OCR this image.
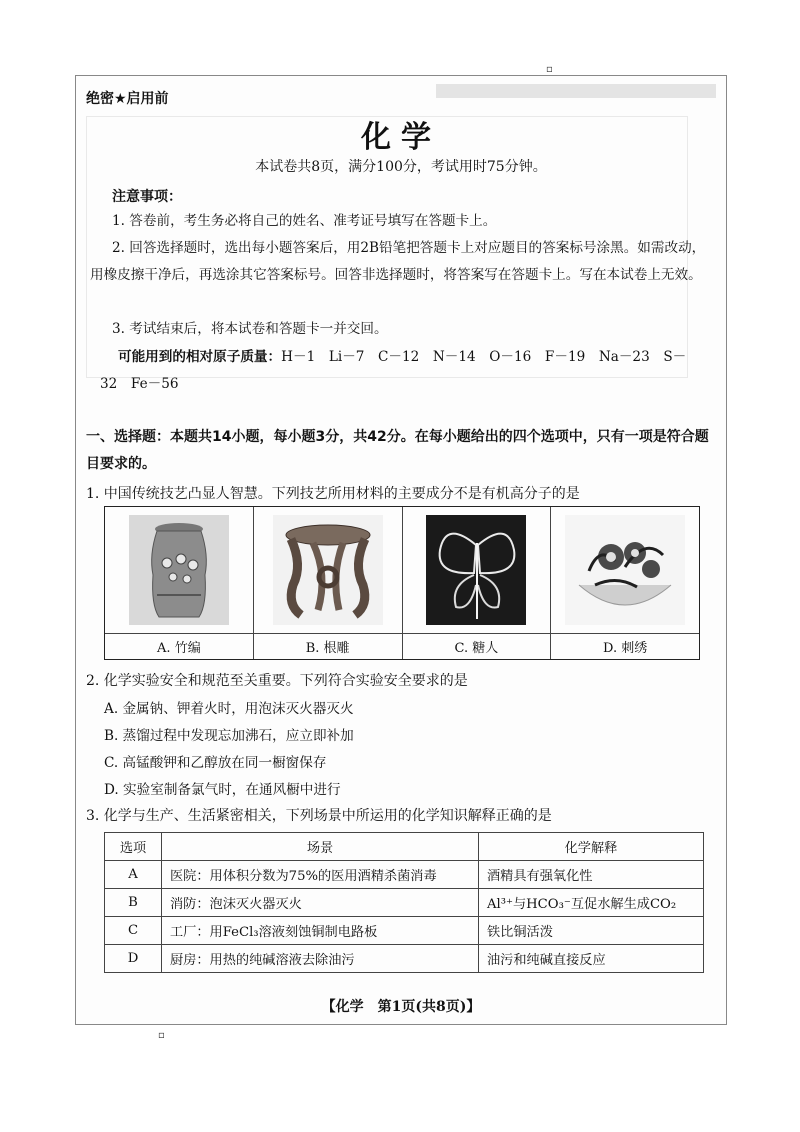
▫
▫
绝密★启用前
化学
本试卷共8页，满分100分，考试用时75分钟。
注意事项：
1. 答卷前，考生务必将自己的姓名、准考证号填写在答题卡上。
2. 回答选择题时，选出每小题答案后，用2B铅笔把答题卡上对应题目的答案标号涂黑。如需改动，用橡皮擦干净后，再选涂其它答案标号。回答非选择题时，将答案写在答题卡上。写在本试卷上无效。
3. 考试结束后，将本试卷和答题卡一并交回。
可能用到的相对原子质量：H－1　Li－7　C－12　N－14　O－16　F－19　Na－23　S－32　Fe－56
一、选择题：本题共14小题，每小题3分，共42分。在每小题给出的四个选项中，只有一项是符合题目要求的。
1. 中国传统技艺凸显人智慧。下列技艺所用材料的主要成分不是有机高分子的是
A. 竹编	B. 根雕	C. 糖人	D. 刺绣
2. 化学实验安全和规范至关重要。下列符合实验安全要求的是
A. 金属钠、钾着火时，用泡沫灭火器灭火
B. 蒸馏过程中发现忘加沸石，应立即补加
C. 高锰酸钾和乙醇放在同一橱窗保存
D. 实验室制备氯气时，在通风橱中进行
3. 化学与生产、生活紧密相关，下列场景中所运用的化学知识解释正确的是
选项	场景	化学解释
A	医院：用体积分数为75%的医用酒精杀菌消毒	酒精具有强氧化性
B	消防：泡沫灭火器灭火	Al³⁺与HCO₃⁻互促水解生成CO₂
C	工厂：用FeCl₃溶液刻蚀铜制电路板	铁比铜活泼
D	厨房：用热的纯碱溶液去除油污	油污和纯碱直接反应
【化学　第1页(共8页)】
